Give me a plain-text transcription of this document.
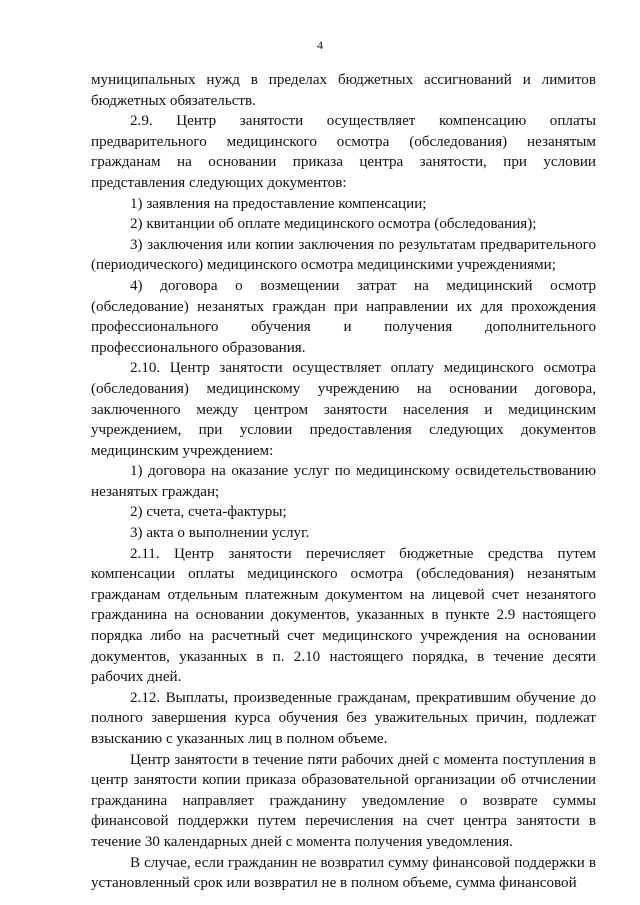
4

муниципальных нужд в пределах бюджетных ассигнований и лимитов бюджетных обязательств.

2.9. Центр занятости осуществляет компенсацию оплаты предварительного медицинского осмотра (обследования) незанятым гражданам на основании приказа центра занятости, при условии представления следующих документов:

1) заявления на предоставление компенсации;

2) квитанции об оплате медицинского осмотра (обследования);

3) заключения или копии заключения по результатам предварительного (периодического) медицинского осмотра медицинскими учреждениями;

4) договора о возмещении затрат на медицинский осмотр (обследование) незанятых граждан при направлении их для прохождения профессионального обучения и получения дополнительного профессионального образования.

2.10. Центр занятости осуществляет оплату медицинского осмотра (обследования) медицинскому учреждению на основании договора, заключенного между центром занятости населения и медицинским учреждением, при условии предоставления следующих документов медицинским учреждением:

1) договора на оказание услуг по медицинскому освидетельствованию незанятых граждан;

2) счета, счета-фактуры;

3) акта о выполнении услуг.

2.11. Центр занятости перечисляет бюджетные средства путем компенсации оплаты медицинского осмотра (обследования) незанятым гражданам отдельным платежным документом на лицевой счет незанятого гражданина на основании документов, указанных в пункте 2.9 настоящего порядка либо на расчетный счет медицинского учреждения на основании документов, указанных в п. 2.10 настоящего порядка, в течение десяти рабочих дней.

2.12. Выплаты, произведенные гражданам, прекратившим обучение до полного завершения курса обучения без уважительных причин, подлежат взысканию с указанных лиц в полном объеме.

Центр занятости в течение пяти рабочих дней с момента поступления в центр занятости копии приказа образовательной организации об отчислении гражданина направляет гражданину уведомление о возврате суммы финансовой поддержки путем перечисления на счет центра занятости в течение 30 календарных дней с момента получения уведомления.

В случае, если гражданин не возвратил сумму финансовой поддержки в установленный срок или возвратил не в полном объеме, сумма финансовой
